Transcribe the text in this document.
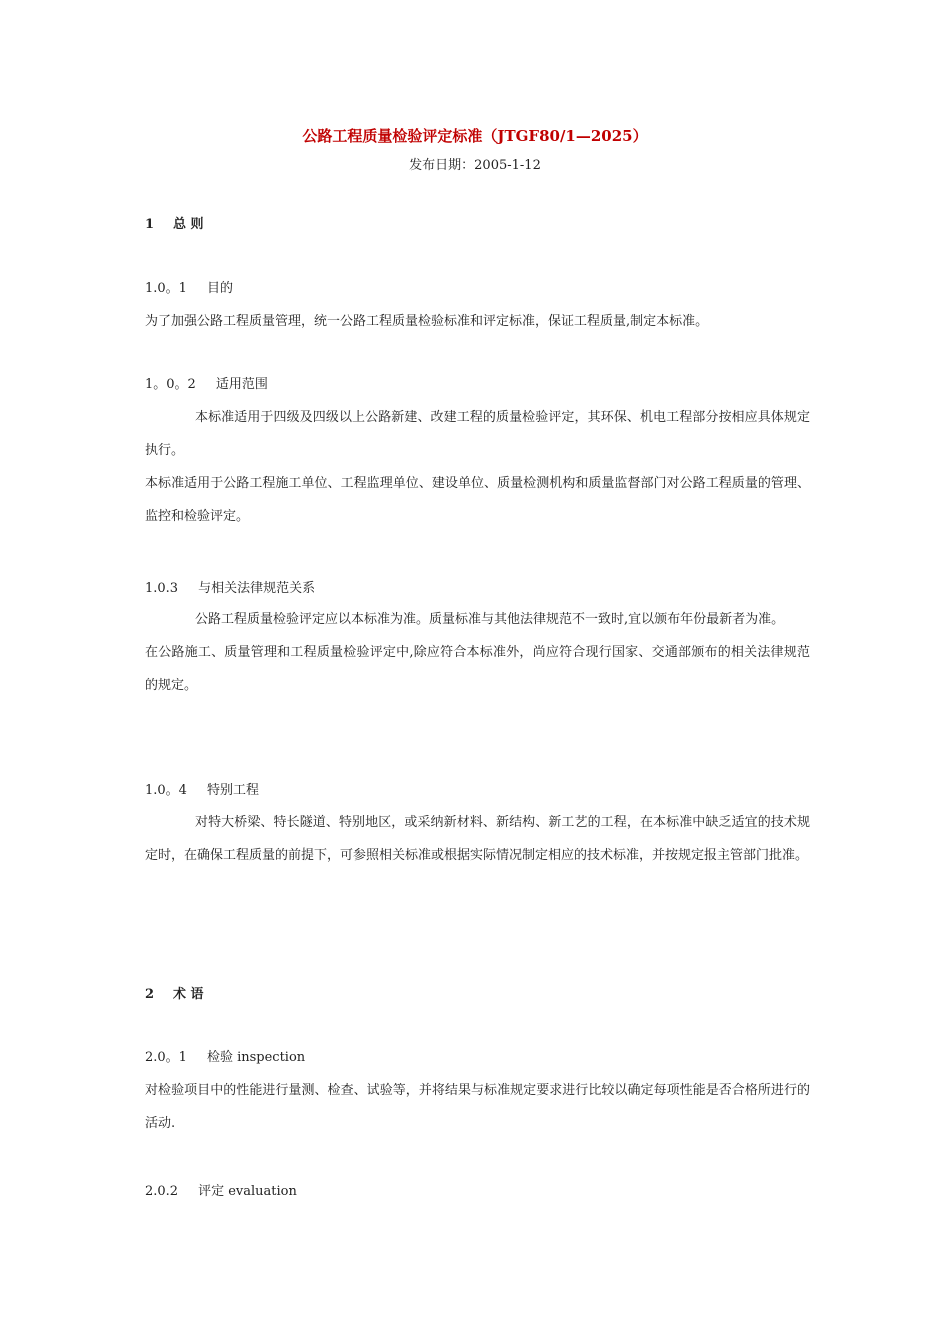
公路工程质量检验评定标准（JTGF80/1—2025）
发布日期：2005-1-12
1 总 则
1.0。1 目的

为了加强公路工程质量管理，统一公路工程质量检验标准和评定标准，保证工程质量,制定本标准。

1。0。2 适用范围

本标准适用于四级及四级以上公路新建、改建工程的质量检验评定，其环保、机电工程部分按相应具体规定执行。

本标准适用于公路工程施工单位、工程监理单位、建设单位、质量检测机构和质量监督部门对公路工程质量的管理、监控和检验评定。

1.0.3 与相关法律规范关系

公路工程质量检验评定应以本标准为准。质量标准与其他法律规范不一致时,宜以颁布年份最新者为准。

在公路施工、质量管理和工程质量检验评定中,除应符合本标准外，尚应符合现行国家、交通部颁布的相关法律规范的规定。

1.0。4 特别工程

对特大桥梁、特长隧道、特别地区，或采纳新材料、新结构、新工艺的工程，在本标准中缺乏适宜的技术规定时，在确保工程质量的前提下，可参照相关标准或根据实际情况制定相应的技术标准，并按规定报主管部门批准。

2 术 语
2.0。1 检验 inspection

对检验项目中的性能进行量测、检查、试验等，并将结果与标准规定要求进行比较以确定每项性能是否合格所进行的活动.

2.0.2 评定 evaluation
